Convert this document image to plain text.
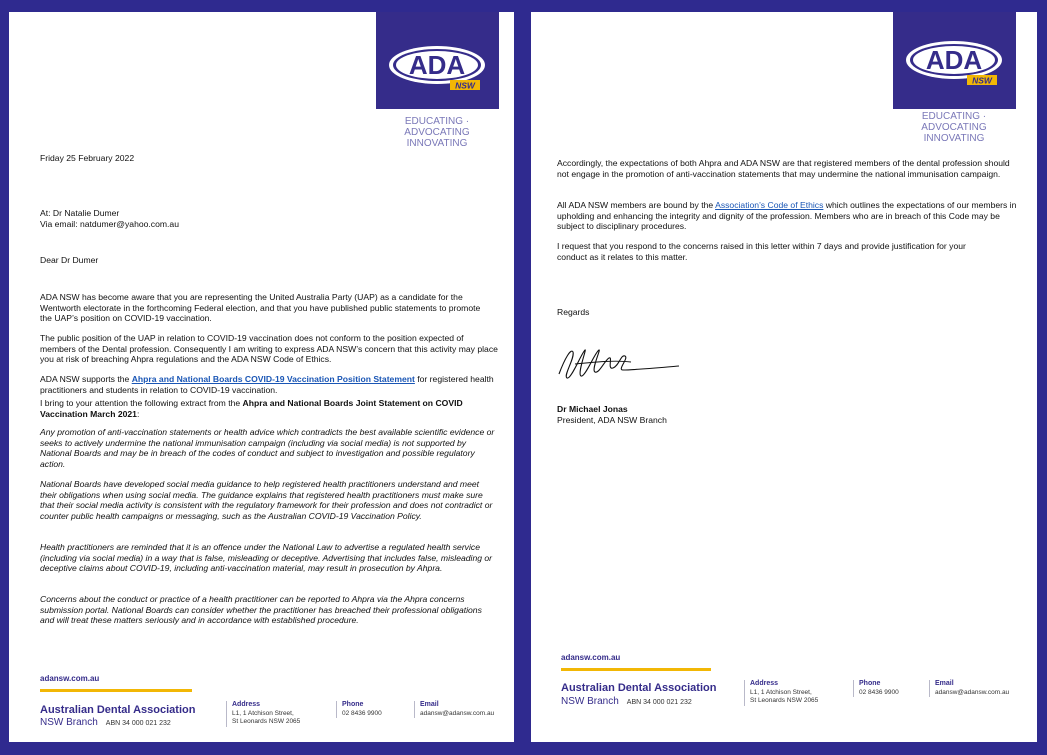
ADA
NSW
EDUCATING · ADVOCATING
INNOVATING

Friday 25 February 2022

At: Dr Natalie Dumer

Via email: natdumer@yahoo.com.au

Dear Dr Dumer

ADA NSW has become aware that you are representing the United Australia Party (UAP) as a candidate for the Wentworth electorate in the forthcoming Federal election, and that you have published public statements to promote the UAP’s position on COVID-19 vaccination.

The public position of the UAP in relation to COVID-19 vaccination does not conform to the position expected of members of the Dental profession. Consequently I am writing to express ADA NSW’s concern that this activity may place you at risk of breaching Ahpra regulations and the ADA NSW Code of Ethics.

ADA NSW supports the Ahpra and National Boards COVID-19 Vaccination Position Statement for registered health practitioners and students in relation to COVID-19 vaccination.

I bring to your attention the following extract from the Ahpra and National Boards Joint Statement on COVID Vaccination March 2021:

Any promotion of anti-vaccination statements or health advice which contradicts the best available scientific evidence or seeks to actively undermine the national immunisation campaign (including via social media) is not supported by National Boards and may be in breach of the codes of conduct and subject to investigation and possible regulatory action.

National Boards have developed social media guidance to help registered health practitioners understand and meet their obligations when using social media. The guidance explains that registered health practitioners must make sure that their social media activity is consistent with the regulatory framework for their profession and does not contradict or counter public health campaigns or messaging, such as the Australian COVID-19 Vaccination Policy.

Health practitioners are reminded that it is an offence under the National Law to advertise a regulated health service (including via social media) in a way that is false, misleading or deceptive. Advertising that includes false, misleading or deceptive claims about COVID-19, including anti-vaccination material, may result in prosecution by Ahpra.

Concerns about the conduct or practice of a health practitioner can be reported to Ahpra via the Ahpra concerns submission portal. National Boards can consider whether the practitioner has breached their professional obligations and will treat these matters seriously and in accordance with established procedure.

adansw.com.au
Australian Dental Association
NSW Branch ABN 34 000 021 232
Address
L1, 1 Atchison Street,
St Leonards NSW 2065
Phone
02 8436 9900
Email
adansw@adansw.com.au
ADA
NSW
EDUCATING · ADVOCATING
INNOVATING

Accordingly, the expectations of both Ahpra and ADA NSW are that registered members of the dental profession should not engage in the promotion of anti-vaccination statements that may undermine the national immunisation campaign.

All ADA NSW members are bound by the Association’s Code of Ethics which outlines the expectations of our members in upholding and enhancing the integrity and dignity of the profession. Members who are in breach of this Code may be subject to disciplinary procedures.

I request that you respond to the concerns raised in this letter within 7 days and provide justification for your conduct as it relates to this matter.

Regards

Dr Michael Jonas

President, ADA NSW Branch

adansw.com.au
Australian Dental Association
NSW Branch ABN 34 000 021 232
Address
L1, 1 Atchison Street,
St Leonards NSW 2065
Phone
02 8436 9900
Email
adansw@adansw.com.au
